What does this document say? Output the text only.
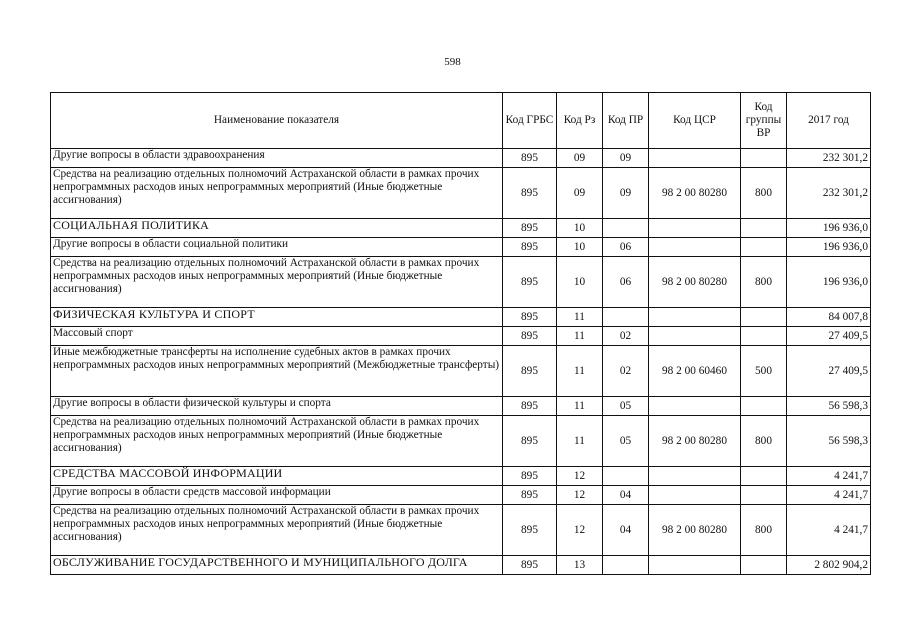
598
Наименование показателя	Код ГРБС	Код Рз	Код ПР	Код ЦСР	Код группы ВР	2017 год
Другие вопросы в области здравоохранения	895	09	09			232 301,2
Средства на реализацию отдельных полномочий Астраханской области в рамках прочих непрограммных расходов иных непрограммных мероприятий (Иные бюджетные ассигнования)	895	09	09	98 2 00 80280	800	232 301,2
СОЦИАЛЬНАЯ ПОЛИТИКА	895	10				196 936,0
Другие вопросы в области социальной политики	895	10	06			196 936,0
Средства на реализацию отдельных полномочий Астраханской области в рамках прочих непрограммных расходов иных непрограммных мероприятий (Иные бюджетные ассигнования)	895	10	06	98 2 00 80280	800	196 936,0
ФИЗИЧЕСКАЯ КУЛЬТУРА И СПОРТ	895	11				84 007,8
Массовый спорт	895	11	02			27 409,5
Иные межбюджетные трансферты на исполнение судебных актов в рамках прочих непрограммных расходов иных непрограммных мероприятий (Межбюджетные трансферты)	895	11	02	98 2 00 60460	500	27 409,5
Другие вопросы в области физической культуры и спорта	895	11	05			56 598,3
Средства на реализацию отдельных полномочий Астраханской области в рамках прочих непрограммных расходов иных непрограммных мероприятий (Иные бюджетные ассигнования)	895	11	05	98 2 00 80280	800	56 598,3
СРЕДСТВА МАССОВОЙ ИНФОРМАЦИИ	895	12				4 241,7
Другие вопросы в области средств массовой информации	895	12	04			4 241,7
Средства на реализацию отдельных полномочий Астраханской области в рамках прочих непрограммных расходов иных непрограммных мероприятий (Иные бюджетные ассигнования)	895	12	04	98 2 00 80280	800	4 241,7
ОБСЛУЖИВАНИЕ ГОСУДАРСТВЕННОГО И МУНИЦИПАЛЬНОГО ДОЛГА	895	13				2 802 904,2
